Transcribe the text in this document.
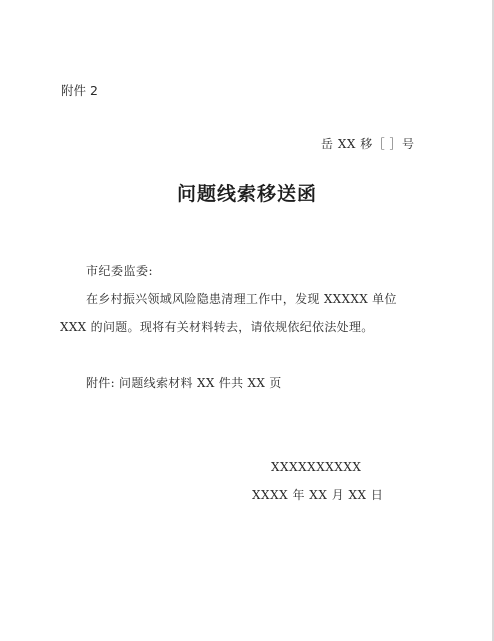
附件 2
岳 XX 移［ ］号
问题线索移送函
市纪委监委:
在乡村振兴领域风险隐患清理工作中，发现 XXXXX 单位
XXX 的问题。现将有关材料转去，请依规依纪依法处理。
附件: 问题线索材料 XX 件共 XX 页
XXXXXXXXXX
XXXX 年 XX 月 XX 日
